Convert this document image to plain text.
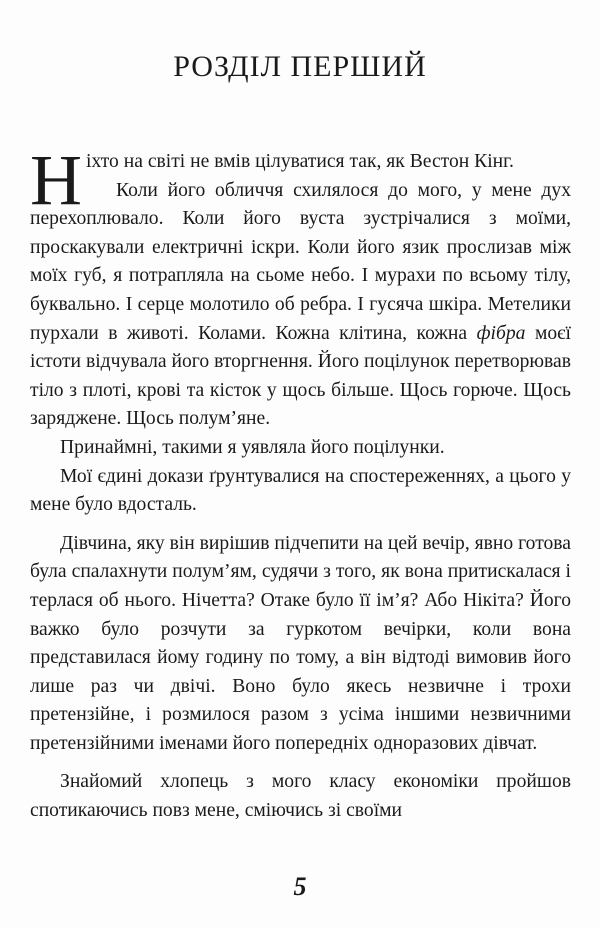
РОЗДІЛ ПЕРШИЙ

Ніхто на світі не вмів цілуватися так, як Вестон Кінг.

Коли його обличчя схилялося до мого, у мене дух перехоплювало. Коли його вуста зустрічалися з моїми, проскакували електричні іскри. Коли його язик прослизав між моїх губ, я потрапляла на сьоме небо. І мурахи по всьому тілу, буквально. І серце молотило об ребра. І гусяча шкіра. Метелики пурхали в животі. Колами. Кожна клітина, кожна фібра моєї істоти відчувала його вторгнення. Його поцілунок перетворював тіло з плоті, крові та кісток у щось більше. Щось горюче. Щось заряджене. Щось полум’яне.

Принаймні, такими я уявляла його поцілунки.

Мої єдині докази ґрунтувалися на спостереженнях, а цього у мене було вдосталь.

Дівчина, яку він вирішив підчепити на цей вечір, явно готова була спалахнути полум’ям, судячи з того, як вона притискалася і терлася об нього. Нічетта? Отаке було її ім’я? Або Нікіта? Його важко було розчути за гуркотом вечірки, коли вона представилася йому годину по тому, а він відтоді вимовив його лише раз чи двічі. Воно було якесь незвичне і трохи претензійне, і розмилося разом з усіма іншими незвичними претензійними іменами його попередніх одноразових дівчат.

Знайомий хлопець з мого класу економіки пройшов спотикаючись повз мене, сміючись зі своїми

5
